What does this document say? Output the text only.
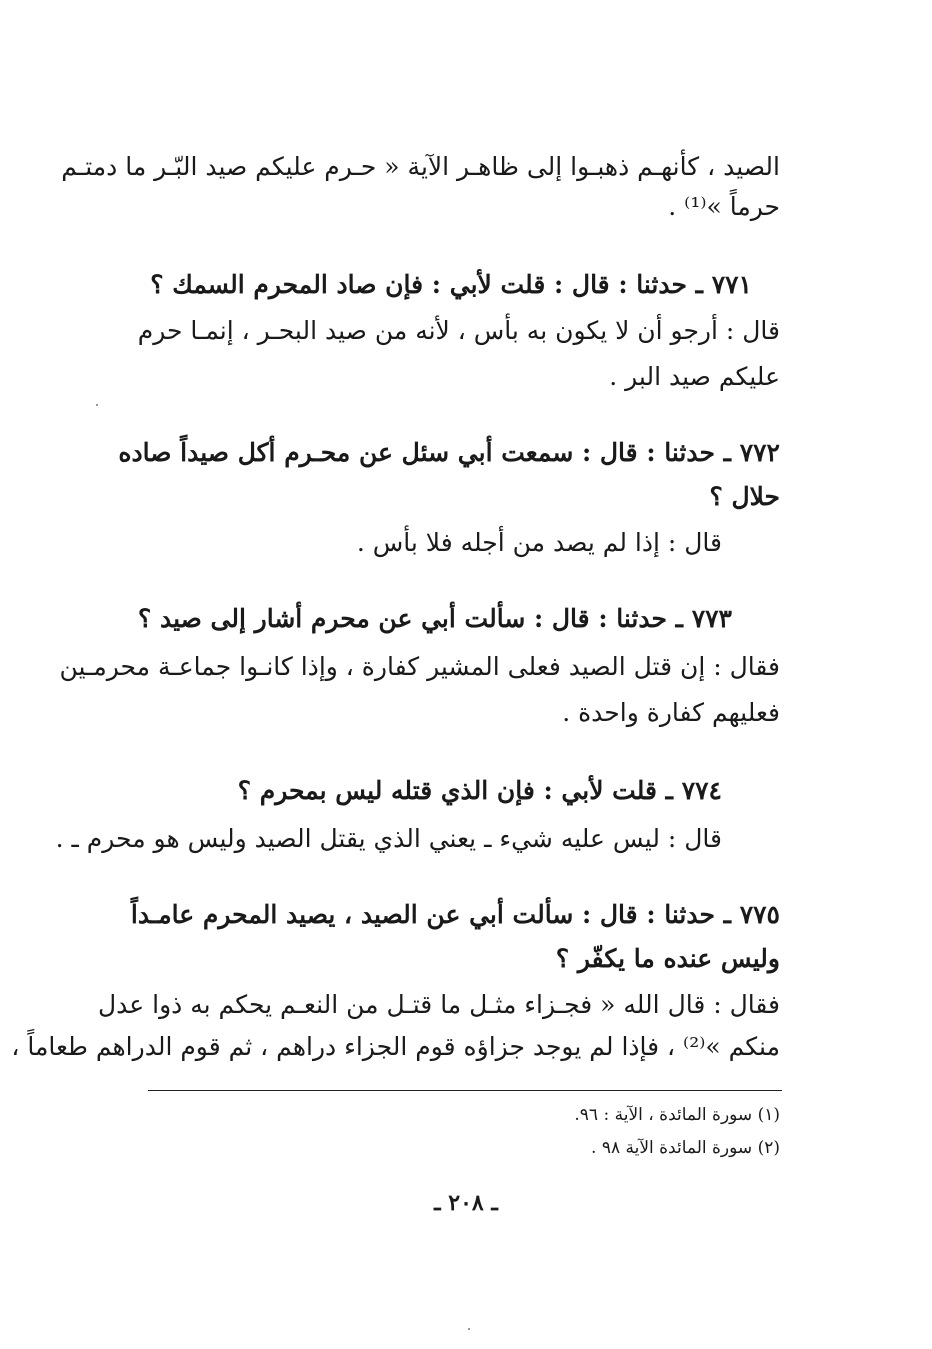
الصيد ، كأنهـم ذهبـوا إلى ظاهـر الآية « حـرم عليكم صيد البّـر ما دمتـم
حرماً »⁽¹⁾ .
٧٧١ ـ حدثنا : قال : قلت لأبي : فإن صاد المحرم السمك ؟
قال : أرجو أن لا يكون به بأس ، لأنه من صيد البحـر ، إنمـا حرم
عليكم صيد البر .
٧٧٢ ـ حدثنا : قال : سمعت أبي سئل عن محـرم أكل صيداً صاده
حلال ؟
قال : إذا لم يصد من أجله فلا بأس .
٧٧٣ ـ حدثنا : قال : سألت أبي عن محرم أشار إلى صيد ؟
فقال : إن قتل الصيد فعلى المشير كفارة ، وإذا كانـوا جماعـة محرمـين
فعليهم كفارة واحدة .
٧٧٤ ـ قلت لأبي : فإن الذي قتله ليس بمحرم ؟
قال : ليس عليه شيء ـ يعني الذي يقتل الصيد وليس هو محرم ـ .
٧٧٥ ـ حدثنا : قال : سألت أبي عن الصيد ، يصيد المحرم عامـداً
وليس عنده ما يكفّر ؟
فقال : قال الله « فجـزاء مثـل ما قتـل من النعـم يحكم به ذوا عدل
منكم »⁽²⁾ ، فإذا لم يوجد جزاؤه قوم الجزاء دراهم ، ثم قوم الدراهم طعاماً ،
(١) سورة المائدة ، الآية : ٩٦.
(٢) سورة المائدة الآية ٩٨ .
ـ ٢٠٨ ـ
